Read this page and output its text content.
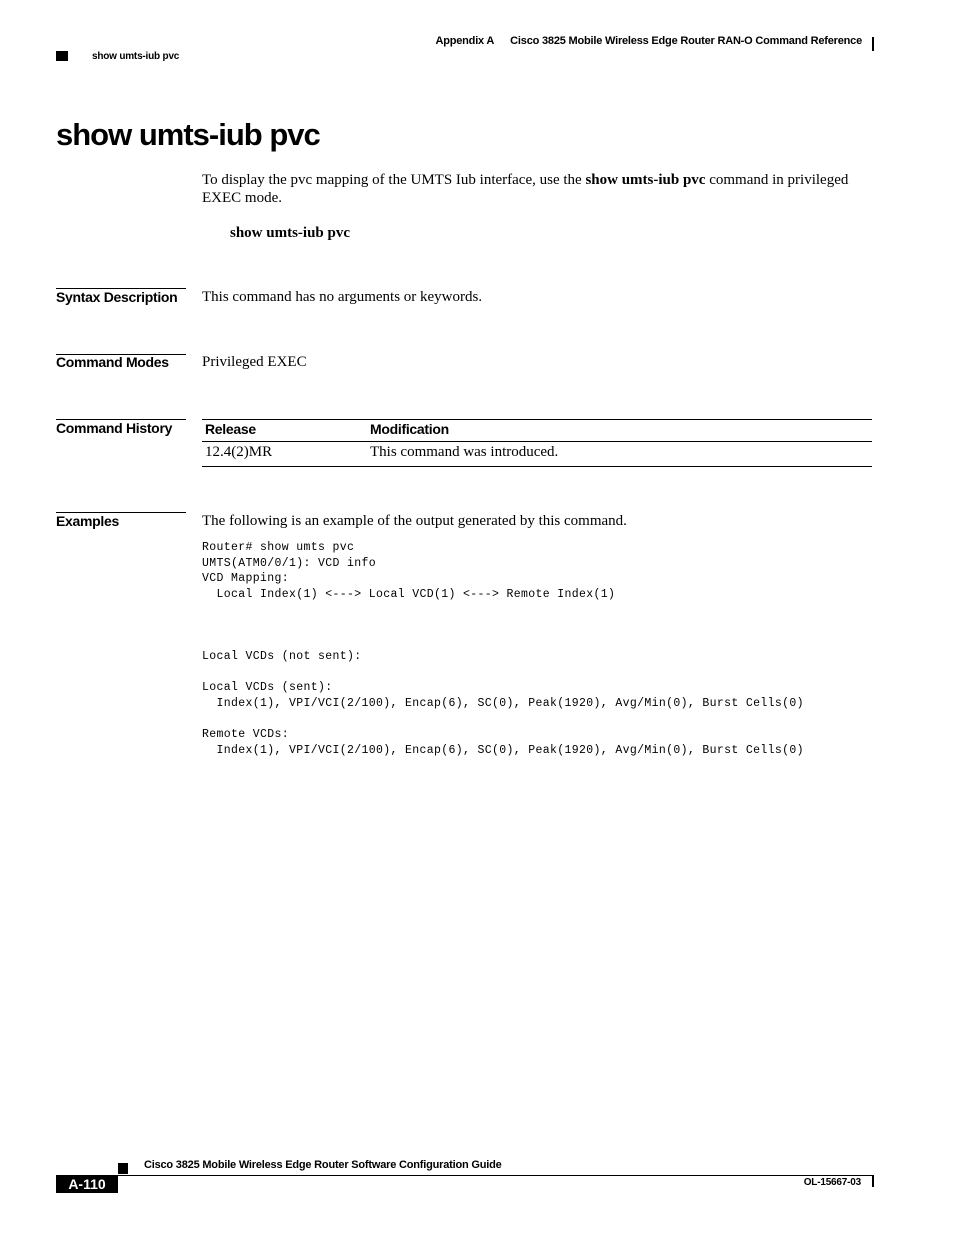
Appendix A Cisco 3825 Mobile Wireless Edge Router RAN-O Command Reference
show umts-iub pvc
show umts-iub pvc
To display the pvc mapping of the UMTS Iub interface, use the show umts-iub pvc command in privileged EXEC mode.
show umts-iub pvc
Syntax Description This command has no arguments or keywords.
Command Modes Privileged EXEC
Command History Release	Modification
12.4(2)MR	This command was introduced.
Examples	The following is an example of the output generated by this command.
Router# show umts pvc
UMTS(ATM0/0/1): VCD info
VCD Mapping:
Local Index(1) <---> Local VCD(1) <---> Remote Index(1)

Local VCDs (not sent):

Local VCDs (sent):
Index(1), VPI/VCI(2/100), Encap(6), SC(0), Peak(1920), Avg/Min(0), Burst Cells(0)

Remote VCDs:
Index(1), VPI/VCI(2/100), Encap(6), SC(0), Peak(1920), Avg/Min(0), Burst Cells(0)
Cisco 3825 Mobile Wireless Edge Router Software Configuration Guide
A-110	OL-15667-03
